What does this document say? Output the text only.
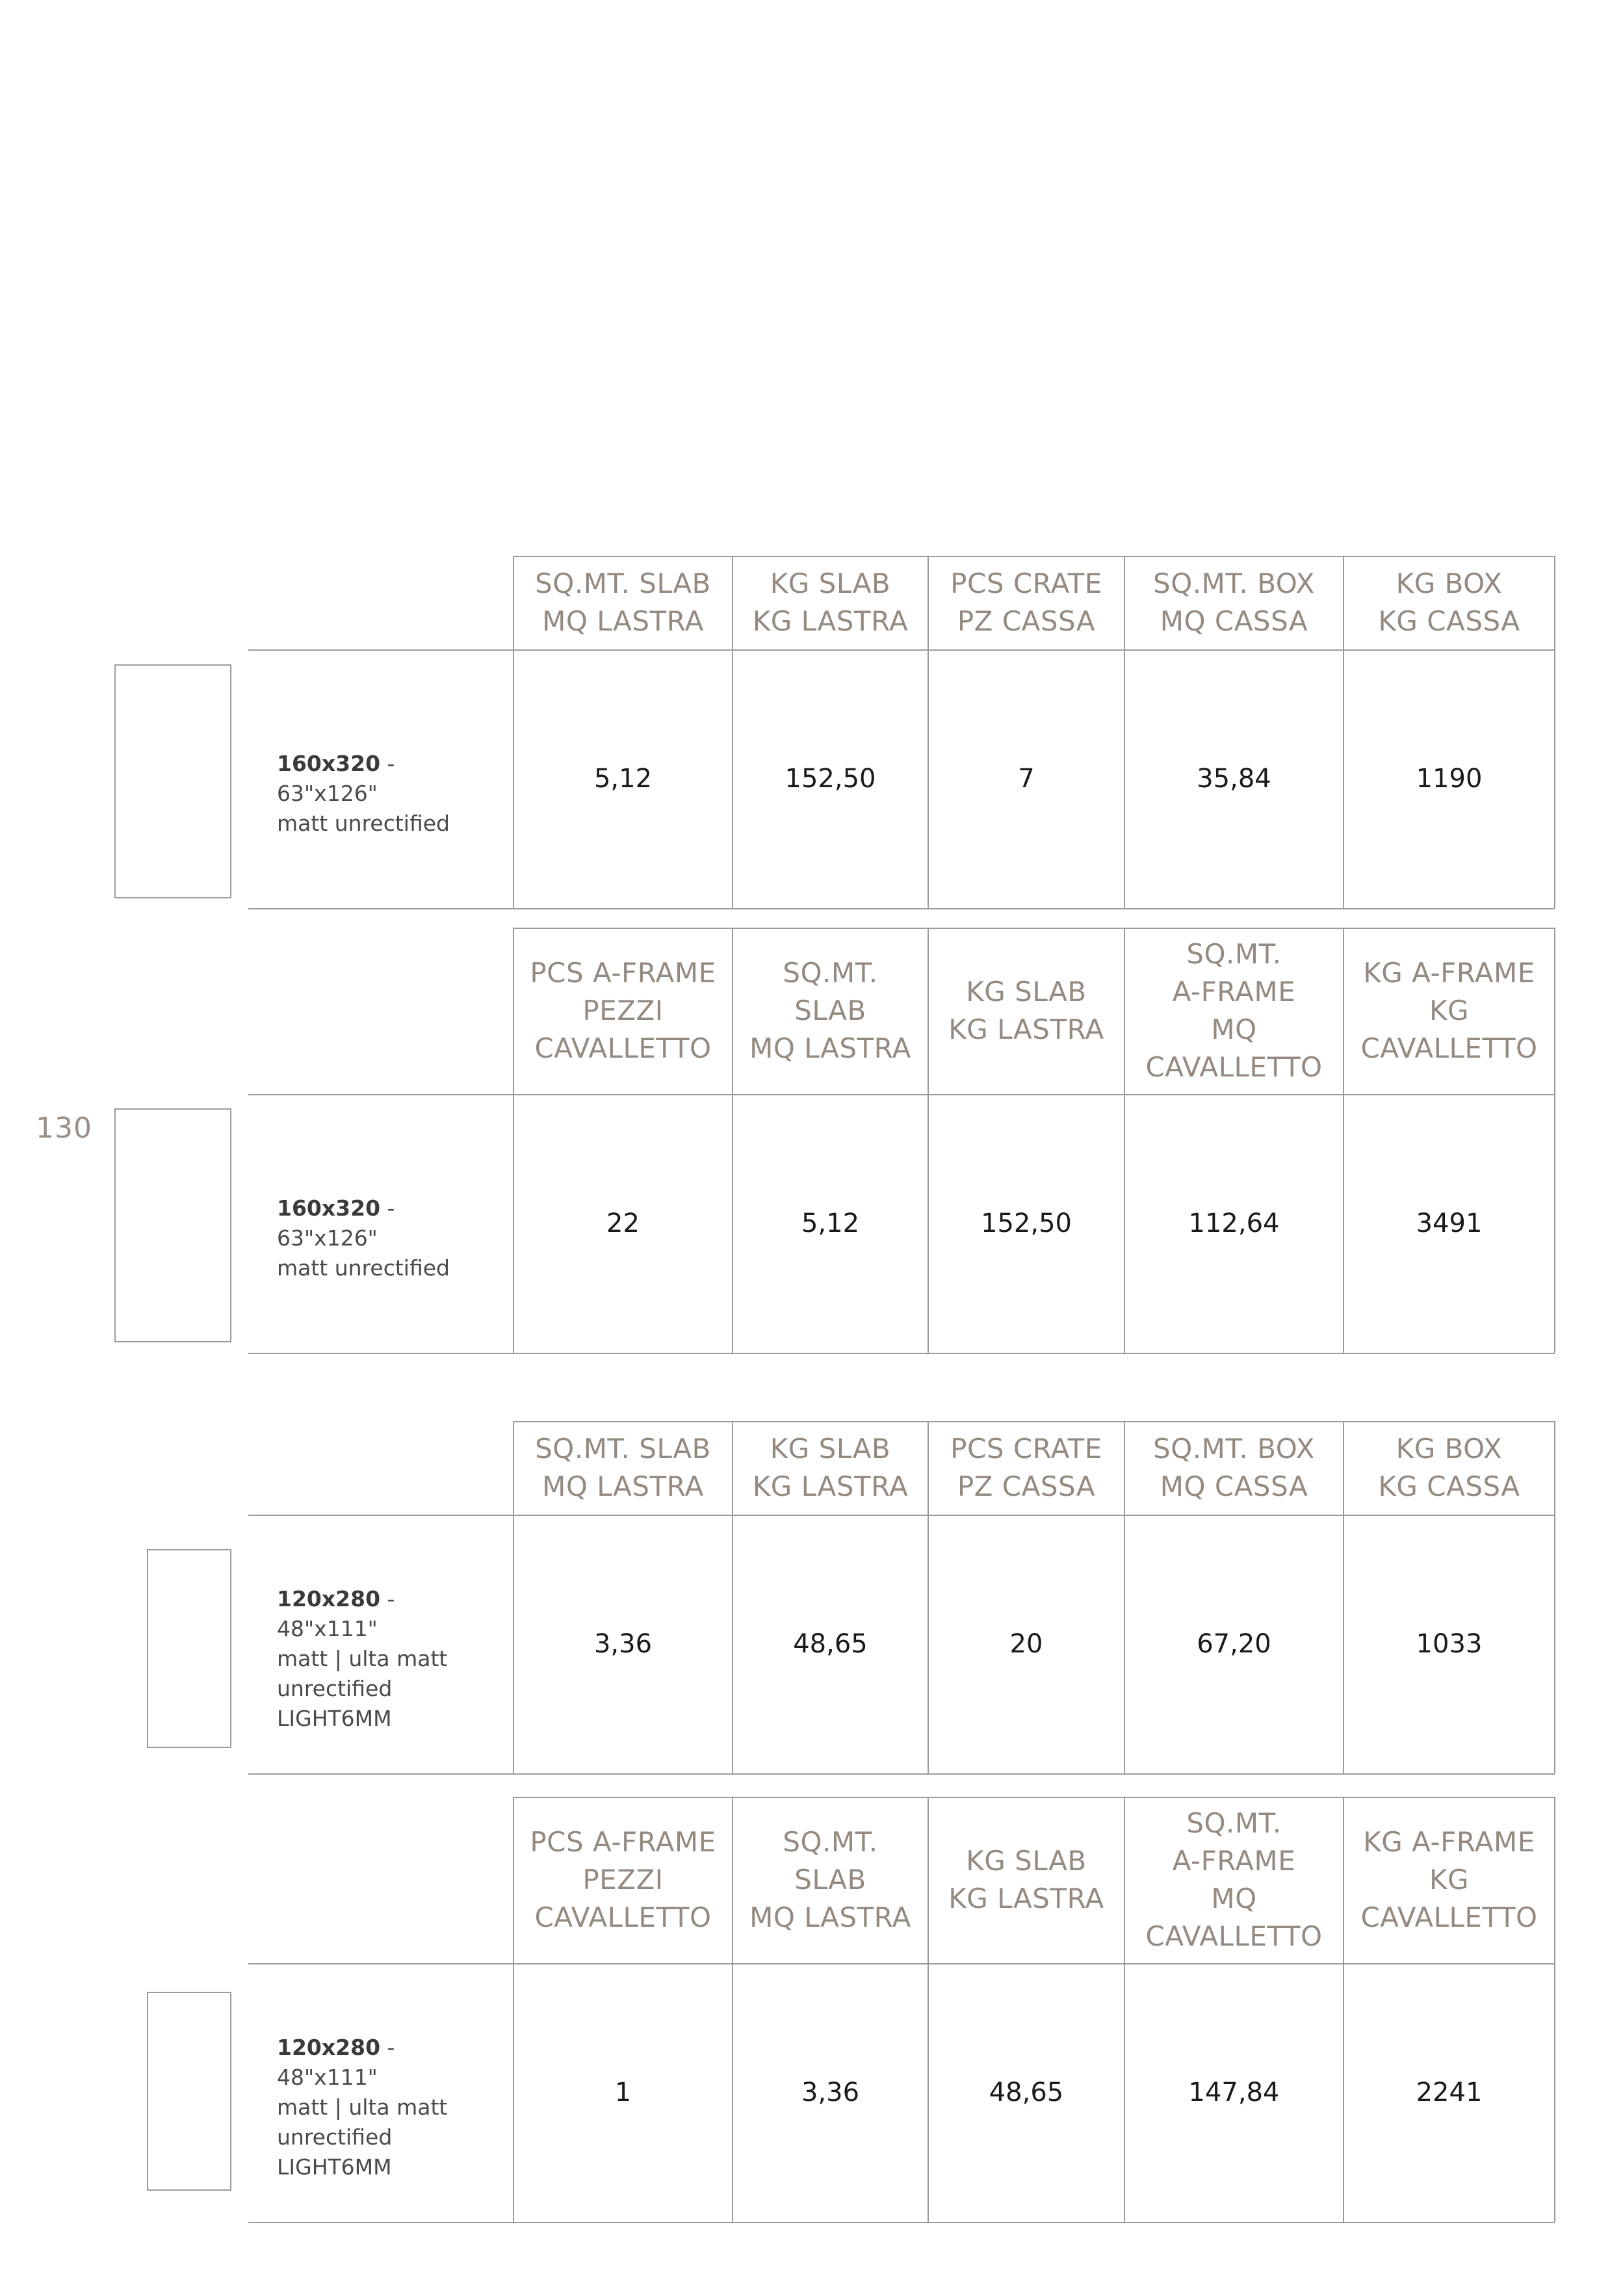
130
SQ.MT. SLAB
MQ LASTRA
5,12
KG SLAB
KG LASTRA
152,50
PCS CRATE
PZ CASSA
7
SQ.MT. BOX
MQ CASSA
35,84
KG BOX
KG CASSA
1190
160x320 - 63"x126"
matt unrectified
PCS A-FRAME
PEZZI
CAVALLETTO
22
SQ.MT.
SLAB
MQ LASTRA
5,12
KG SLAB
KG LASTRA
152,50
SQ.MT.
A-FRAME
MQ
CAVALLETTO
112,64
KG A-FRAME
KG
CAVALLETTO
3491
160x320 - 63"x126"
matt unrectified
SQ.MT. SLAB
MQ LASTRA
3,36
KG SLAB
KG LASTRA
48,65
PCS CRATE
PZ CASSA
20
SQ.MT. BOX
MQ CASSA
67,20
KG BOX
KG CASSA
1033
120x280 - 48"x111"
matt | ulta matt
unrectified
LIGHT6MM
PCS A-FRAME
PEZZI
CAVALLETTO
1
SQ.MT.
SLAB
MQ LASTRA
3,36
KG SLAB
KG LASTRA
48,65
SQ.MT.
A-FRAME
MQ
CAVALLETTO
147,84
KG A-FRAME
KG
CAVALLETTO
2241
120x280 - 48"x111"
matt | ulta matt
unrectified
LIGHT6MM
